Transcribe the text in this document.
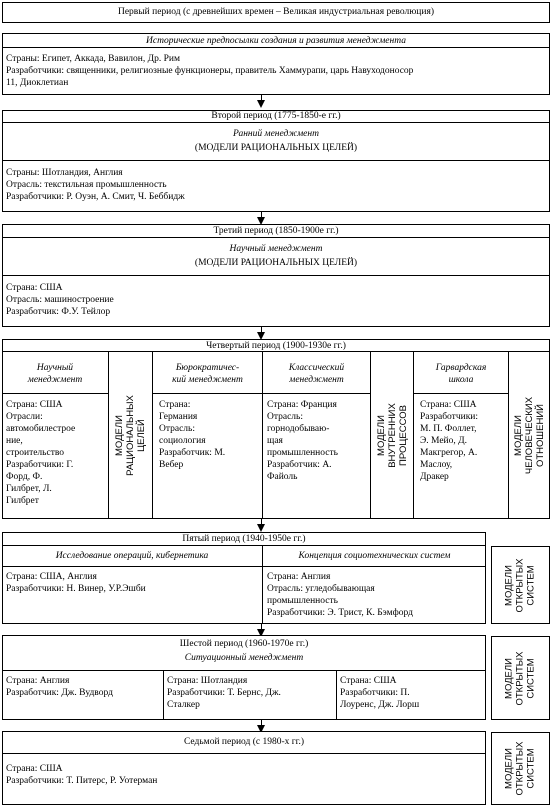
Первый период (с древнейших времен – Великая индустриальная революция)
Исторические предпосылки создания и развития менеджмента
Страны: Египет, Аккада, Вавилон, Др. Рим
Разработчики: священники, религиозные функционеры, правитель Хаммурапи, царь Навуходоносор
11, Диоклетиан
Второй период (1775-1850-е гг.)
Ранний менеджмент
(МОДЕЛИ РАЦИОНАЛЬНЫХ ЦЕЛЕЙ)
Страны: Шотландия, Англия
Отрасль: текстильная промышленность
Разработчики: Р. Оуэн, А. Смит, Ч. Беббидж
Третий период (1850-1900е гг.)
Научный менеджмент
(МОДЕЛИ РАЦИОНАЛЬНЫХ ЦЕЛЕЙ)
Страна: США
Отрасль: машиностроение
Разработчик: Ф.У. Тейлор
Четвертый период (1900-1930е гг.)
Научный
менеджмент
Страна: США
Отрасли:
автомобилестрое
ние,
строительство
Разработчики: Г.
Форд, Ф.
Гилбрет, Л.
Гилбрет
МОДЕЛИ РАЦИОНАЛЬНЫХ
ЦЕЛЕЙ
Бюрократичес-
кий менеджмент
Страна:
Германия
Отрасль:
социология
Разработчик: М.
Вебер
Классический
менеджмент
Страна: Франция
Отрасль:
горнодобываю-
щая
промышленность
Разработчик: А.
Файоль
МОДЕЛИ ВНУТРЕННИХ
ПРОЦЕССОВ
Гарвардская
школа
Страна: США
Разработчики:
М. П. Фоллет,
Э. Мейо, Д.
Макгрегор, А.
Маслоу,
Дракер
МОДЕЛИ ЧЕЛОВЕЧЕСКИХ
ОТНОШЕНИЙ
Пятый период (1940-1950е гг.)
Исследование операций, кибернетика	Концепция социотехнических систем
Страна: США, Англия
Разработчики: Н. Винер, У.Р.Эшби
Страна: Англия
Отрасль: угледобывающая
промышленность
Разработчики: Э. Трист, К. Бэмфорд
МОДЕЛИ
ОТКРЫТЫХ
СИСТЕМ
Шестой период (1960-1970е гг.)
Ситуационный менеджмент
Страна: Англия
Разработчик: Дж. Вудворд
Страна: Шотландия
Разработчики: Т. Бернс, Дж.
Сталкер
Страна: США
Разработчики: П.
Лоуренс, Дж. Лорш
МОДЕЛИ
ОТКРЫТЫХ
СИСТЕМ
Седьмой период (с 1980-х гг.)
Страна: США
Разработчики: Т. Питерс, Р. Уотерман	МОДЕЛИ
ОТКРЫТЫХ
СИСТЕМ
